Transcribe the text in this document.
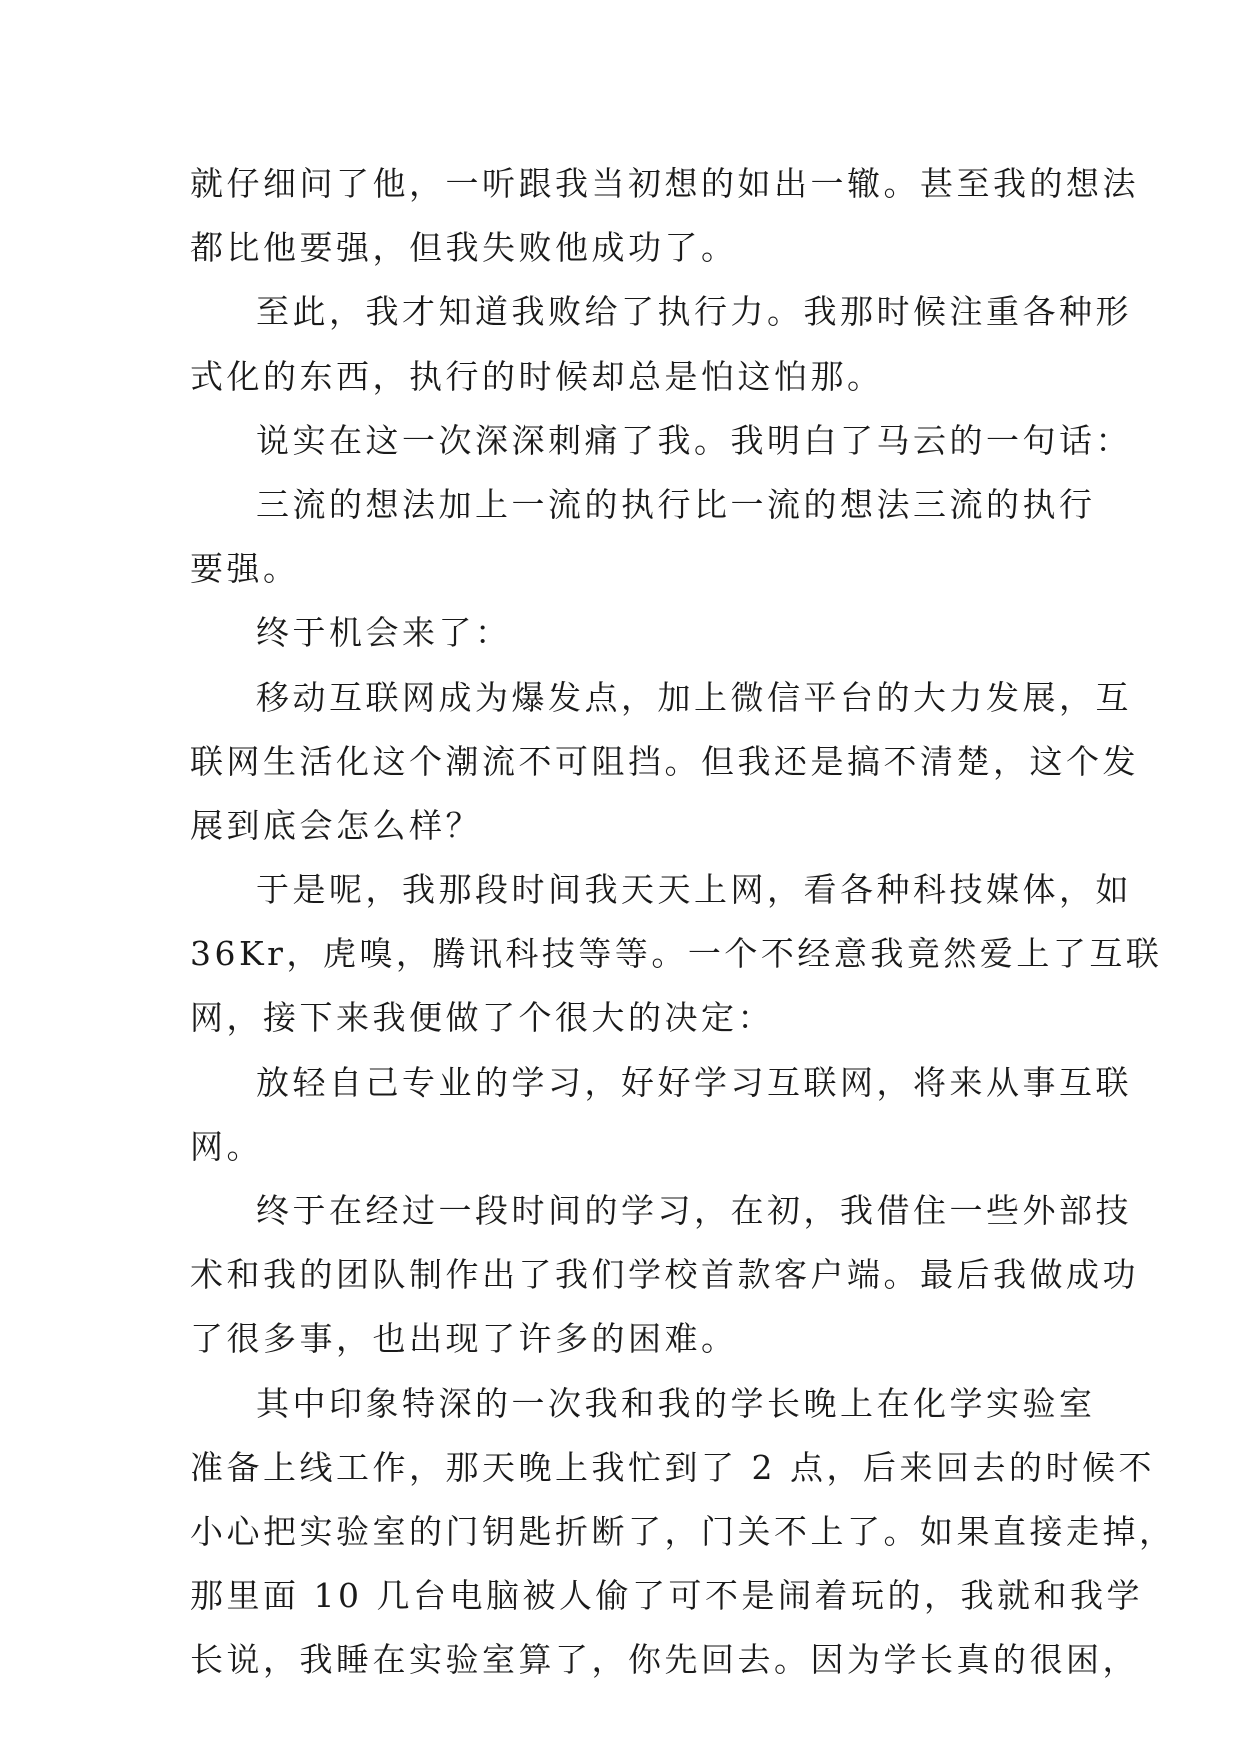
就仔细问了他，一听跟我当初想的如出一辙。甚至我的想法
都比他要强，但我失败他成功了。
至此，我才知道我败给了执行力。我那时候注重各种形
式化的东西，执行的时候却总是怕这怕那。
说实在这一次深深刺痛了我。我明白了马云的一句话：
三流的想法加上一流的执行比一流的想法三流的执行
要强。
终于机会来了：
移动互联网成为爆发点，加上微信平台的大力发展，互
联网生活化这个潮流不可阻挡。但我还是搞不清楚，这个发
展到底会怎么样？
于是呢，我那段时间我天天上网，看各种科技媒体，如
36Kr，虎嗅，腾讯科技等等。一个不经意我竟然爱上了互联
网，接下来我便做了个很大的决定：
放轻自己专业的学习，好好学习互联网，将来从事互联
网。
终于在经过一段时间的学习，在初，我借住一些外部技
术和我的团队制作出了我们学校首款客户端。最后我做成功
了很多事，也出现了许多的困难。
其中印象特深的一次我和我的学长晚上在化学实验室
准备上线工作，那天晚上我忙到了 2 点，后来回去的时候不
小心把实验室的门钥匙折断了，门关不上了。如果直接走掉，
那里面 10 几台电脑被人偷了可不是闹着玩的，我就和我学
长说，我睡在实验室算了，你先回去。因为学长真的很困，
